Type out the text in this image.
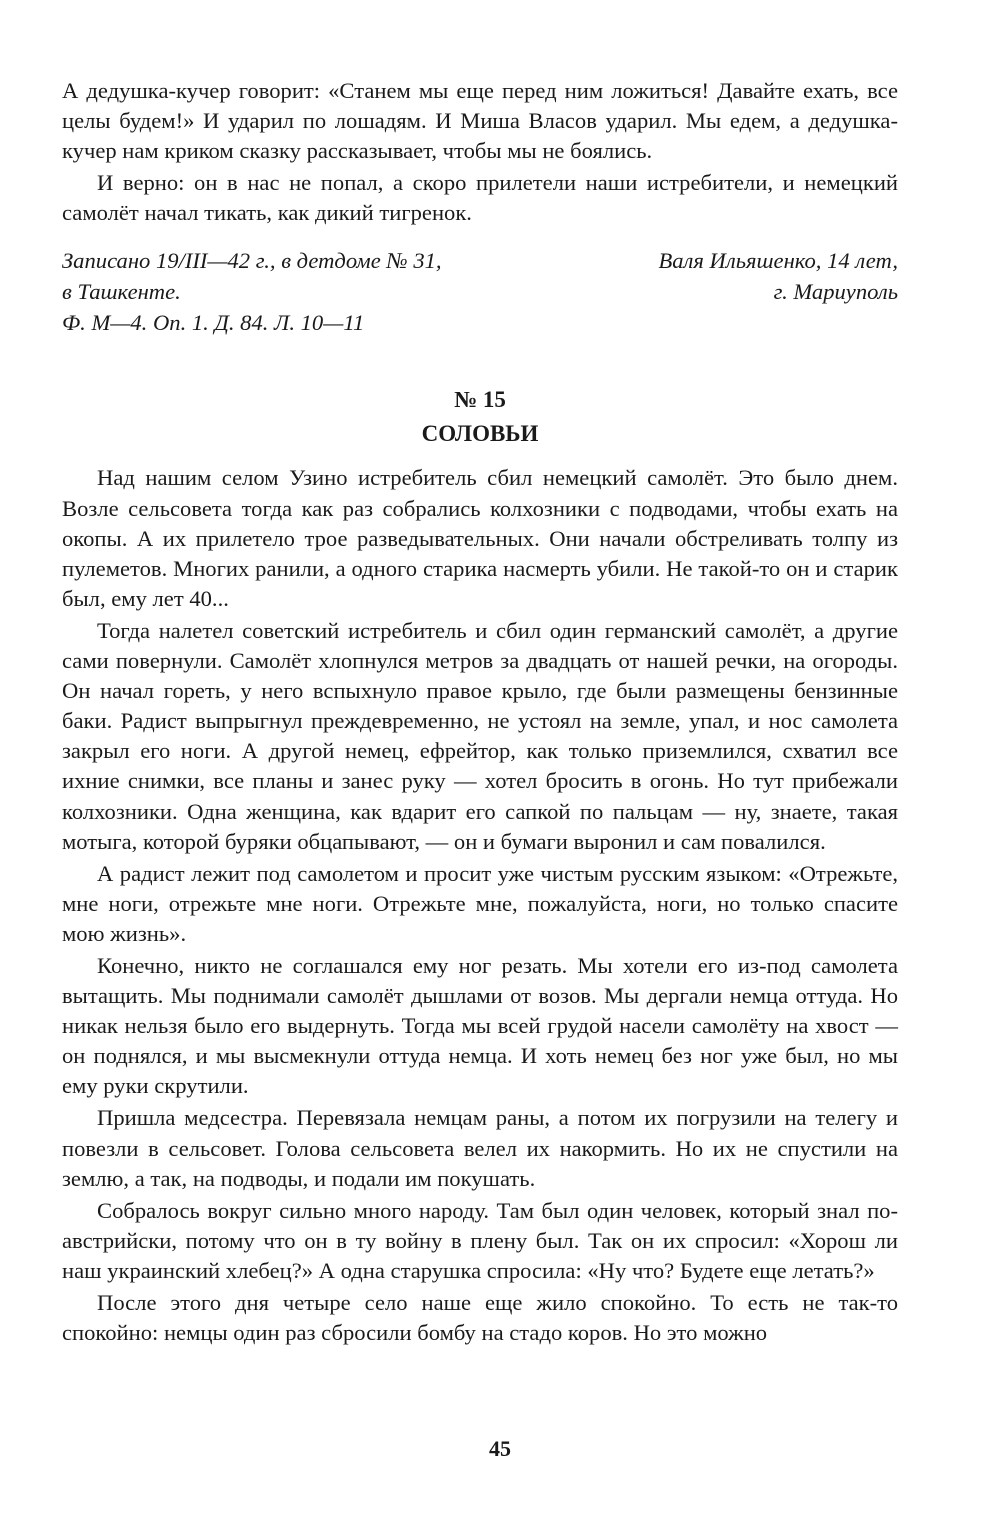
А дедушка-кучер говорит: «Станем мы еще перед ним ложиться! Давайте ехать, все целы будем!» И ударил по лошадям. И Миша Власов ударил. Мы едем, а дедушка-кучер нам криком сказку рассказывает, чтобы мы не боялись.

И верно: он в нас не попал, а скоро прилетели наши истребители, и немецкий самолёт начал тикать, как дикий тигренок.

Записано 19/III—42 г., в детдоме № 31,
в Ташкенте.
Ф. М—4. Оп. 1. Д. 84. Л. 10—11
Валя Ильяшенко, 14 лет,
г. Мариуполь
№ 15
СОЛОВЬИ

Над нашим селом Узино истребитель сбил немецкий самолёт. Это было днем. Возле сельсовета тогда как раз собрались колхозники с подводами, чтобы ехать на окопы. А их прилетело трое разведывательных. Они начали обстреливать толпу из пулеметов. Многих ранили, а одного старика насмерть убили. Не такой-то он и старик был, ему лет 40...

Тогда налетел советский истребитель и сбил один германский самолёт, а другие сами повернули. Самолёт хлопнулся метров за двадцать от нашей речки, на огороды. Он начал гореть, у него вспыхнуло правое крыло, где были размещены бензинные баки. Радист выпрыгнул преждевременно, не устоял на земле, упал, и нос самолета закрыл его ноги. А другой немец, ефрейтор, как только приземлился, схватил все ихние снимки, все планы и занес руку — хотел бросить в огонь. Но тут прибежали колхозники. Одна женщина, как вдарит его сапкой по пальцам — ну, знаете, такая мотыга, которой буряки обцапывают, — он и бумаги выронил и сам повалился.

А радист лежит под самолетом и просит уже чистым русским языком: «Отрежьте, мне ноги, отрежьте мне ноги. Отрежьте мне, пожалуйста, ноги, но только спасите мою жизнь».

Конечно, никто не соглашался ему ног резать. Мы хотели его из-под самолета вытащить. Мы поднимали самолёт дышлами от возов. Мы дергали немца оттуда. Но никак нельзя было его выдернуть. Тогда мы всей грудой насели самолёту на хвост — он поднялся, и мы высмекнули оттуда немца. И хоть немец без ног уже был, но мы ему руки скрутили.

Пришла медсестра. Перевязала немцам раны, а потом их погрузили на телегу и повезли в сельсовет. Голова сельсовета велел их накормить. Но их не спустили на землю, а так, на подводы, и подали им покушать.

Собралось вокруг сильно много народу. Там был один человек, который знал по-австрийски, потому что он в ту войну в плену был. Так он их спросил: «Хорош ли наш украинский хлебец?» А одна старушка спросила: «Ну что? Будете еще летать?»

После этого дня четыре село наше еще жило спокойно. То есть не так-то спокойно: немцы один раз сбросили бомбу на стадо коров. Но это можно

45
